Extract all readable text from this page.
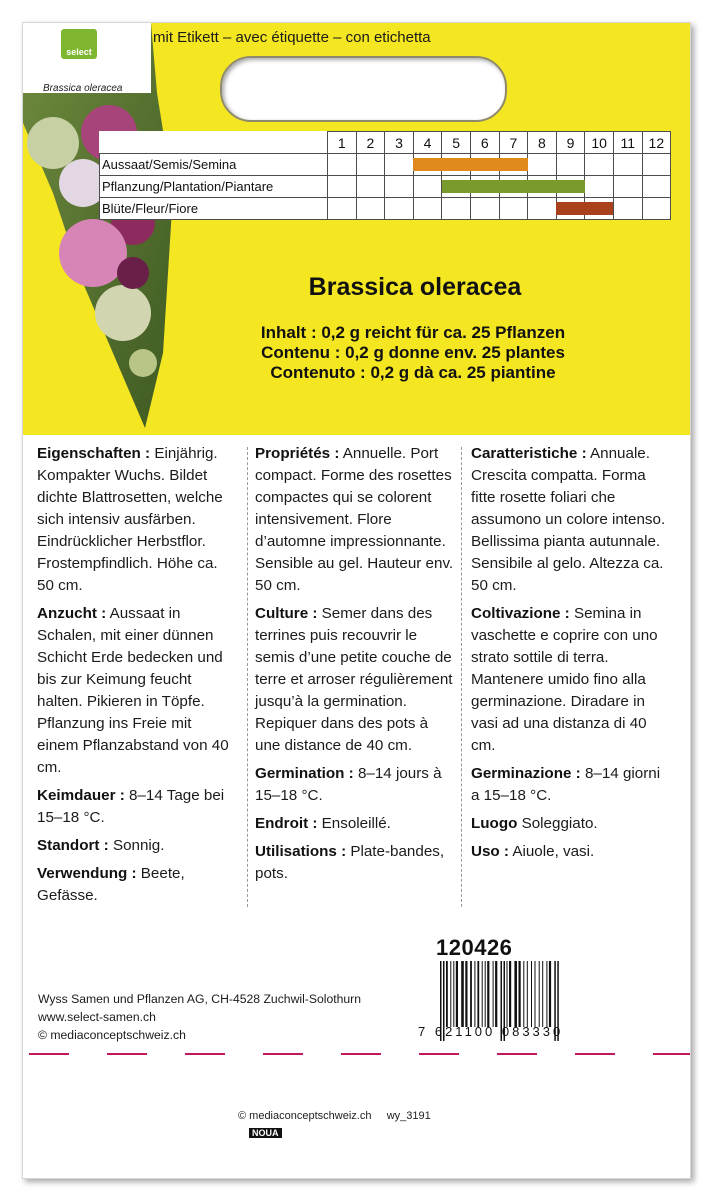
select
Brassica oleracea
mit Etikett – avec étiquette – con etichetta
	1	2	3	4	5	6	7	8	9	10	11	12
Aussaat/Semis/Semina												
Pflanzung/Plantation/Piantare												
Blüte/Fleur/Fiore												
Brassica oleracea
Inhalt : 0,2 g reicht für ca. 25 Pflanzen
Contenu : 0,2 g donne env. 25 plantes
Contenuto : 0,2 g dà ca. 25 piantine

Eigenschaften : Einjährig. Kompakter Wuchs. Bildet dichte Blattrosetten, welche sich intensiv ausfärben. Eindrücklicher Herbstflor. Frostempfindlich. Höhe ca. 50 cm.

Anzucht : Aussaat in Schalen, mit einer dünnen Schicht Erde bedecken und bis zur Keimung feucht halten. Pikieren in Töpfe. Pflanzung ins Freie mit einem Pflanzabstand von 40 cm.

Keimdauer : 8–14 Tage bei 15–18 °C.

Standort : Sonnig.

Verwendung : Beete, Gefässe.

Propriétés : Annuelle. Port compact. Forme des rosettes compactes qui se colorent intensivement. Flore d’automne impressionnante. Sensible au gel. Hauteur env. 50 cm.

Culture : Semer dans des terrines puis recouvrir le semis d’une petite couche de terre et arroser régulièrement jusqu’à la germination. Repiquer dans des pots à une distance de 40 cm.

Germination : 8–14 jours à 15–18 °C.

Endroit : Ensoleillé.

Utilisations : Plate-bandes, pots.

Caratteristiche : Annuale. Crescita compatta. Forma fitte rosette foliari che assumono un colore intenso. Bellissima pianta autunnale. Sensibile al gelo. Altezza ca. 50 cm.

Coltivazione : Semina in vaschette e coprire con uno strato sottile di terra. Mantenere umido fino alla germinazione. Diradare in vasi ad una distanza di 40 cm.

Germinazione : 8–14 giorni a 15–18 °C.

Luogo Soleggiato.

Uso : Aiuole, vasi.

120426
7 621100 083330
Wyss Samen und Pflanzen AG, CH-4528 Zuchwil-Solothurn
www.select-samen.ch
© mediaconceptschweiz.ch
© mediaconceptschweiz.ch wy_3191
NOUA
